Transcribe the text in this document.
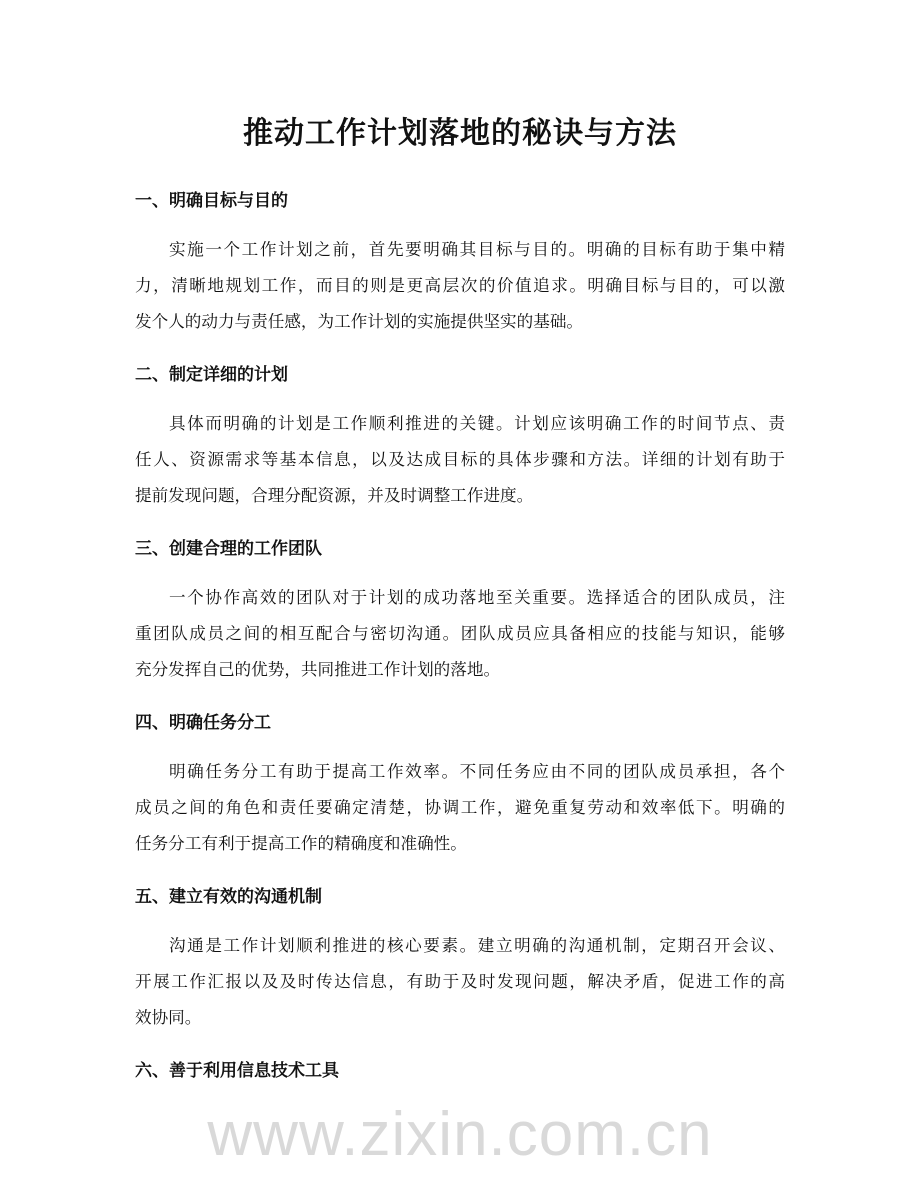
推动工作计划落地的秘诀与方法
一、明确目标与目的
实施一个工作计划之前，首先要明确其目标与目的。明确的目标有助于集中精
力，清晰地规划工作，而目的则是更高层次的价值追求。明确目标与目的，可以激
发个人的动力与责任感，为工作计划的实施提供坚实的基础。
二、制定详细的计划
具体而明确的计划是工作顺利推进的关键。计划应该明确工作的时间节点、责
任人、资源需求等基本信息，以及达成目标的具体步骤和方法。详细的计划有助于
提前发现问题，合理分配资源，并及时调整工作进度。
三、创建合理的工作团队
一个协作高效的团队对于计划的成功落地至关重要。选择适合的团队成员，注
重团队成员之间的相互配合与密切沟通。团队成员应具备相应的技能与知识，能够
充分发挥自己的优势，共同推进工作计划的落地。
四、明确任务分工
明确任务分工有助于提高工作效率。不同任务应由不同的团队成员承担，各个
成员之间的角色和责任要确定清楚，协调工作，避免重复劳动和效率低下。明确的
任务分工有利于提高工作的精确度和准确性。
五、建立有效的沟通机制
沟通是工作计划顺利推进的核心要素。建立明确的沟通机制，定期召开会议、
开展工作汇报以及及时传达信息，有助于及时发现问题，解决矛盾，促进工作的高
效协同。
六、善于利用信息技术工具
www.zixin.com.cn
